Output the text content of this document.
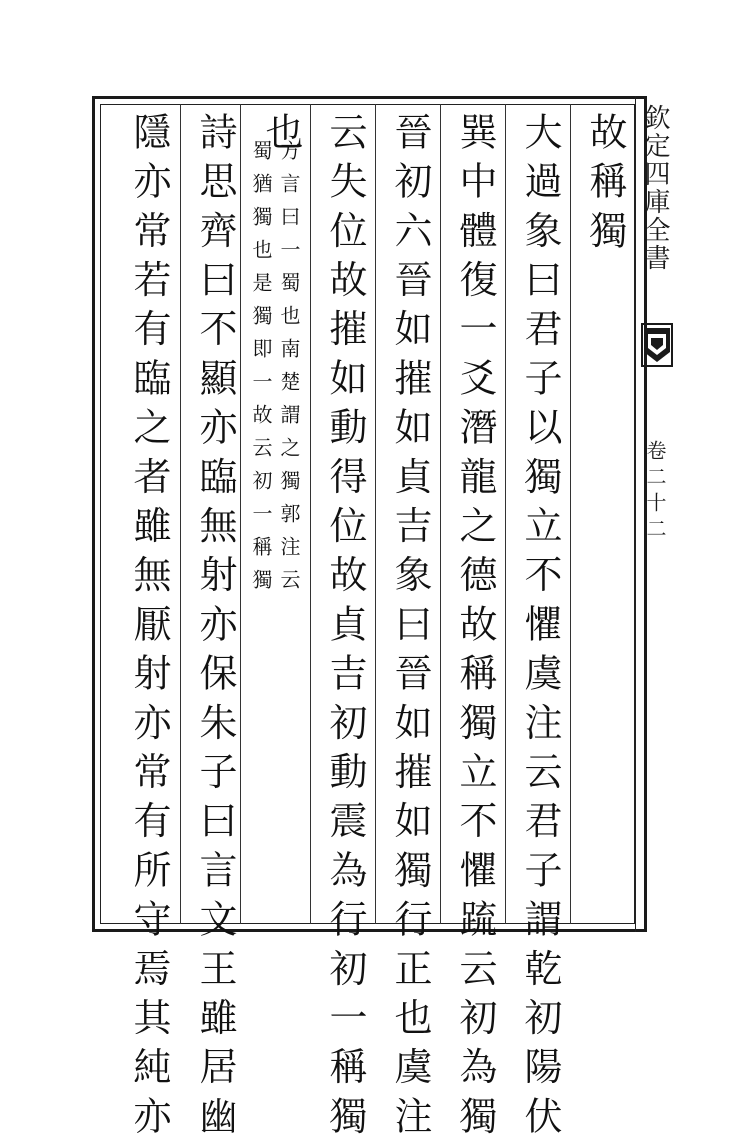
欽定四庫全書
卷二十二
故稱獨
大過象曰君子以獨立不懼虞注云君子謂乾初陽伏
巽中體復一爻潛龍之德故稱獨立不懼䟽云初為獨
晉初六晉如摧如貞吉象曰晉如摧如獨行正也虞注
云失位故摧如動得位故貞吉初動震為行初一稱獨
也
方言曰一蜀也南楚謂之獨郭注云
蜀猶獨也是獨即一故云初一稱獨
詩思齊曰不顯亦臨無射亦保朱子曰言文王雖居幽
隱亦常若有臨之者雖無厭射亦常有所守焉其純亦
